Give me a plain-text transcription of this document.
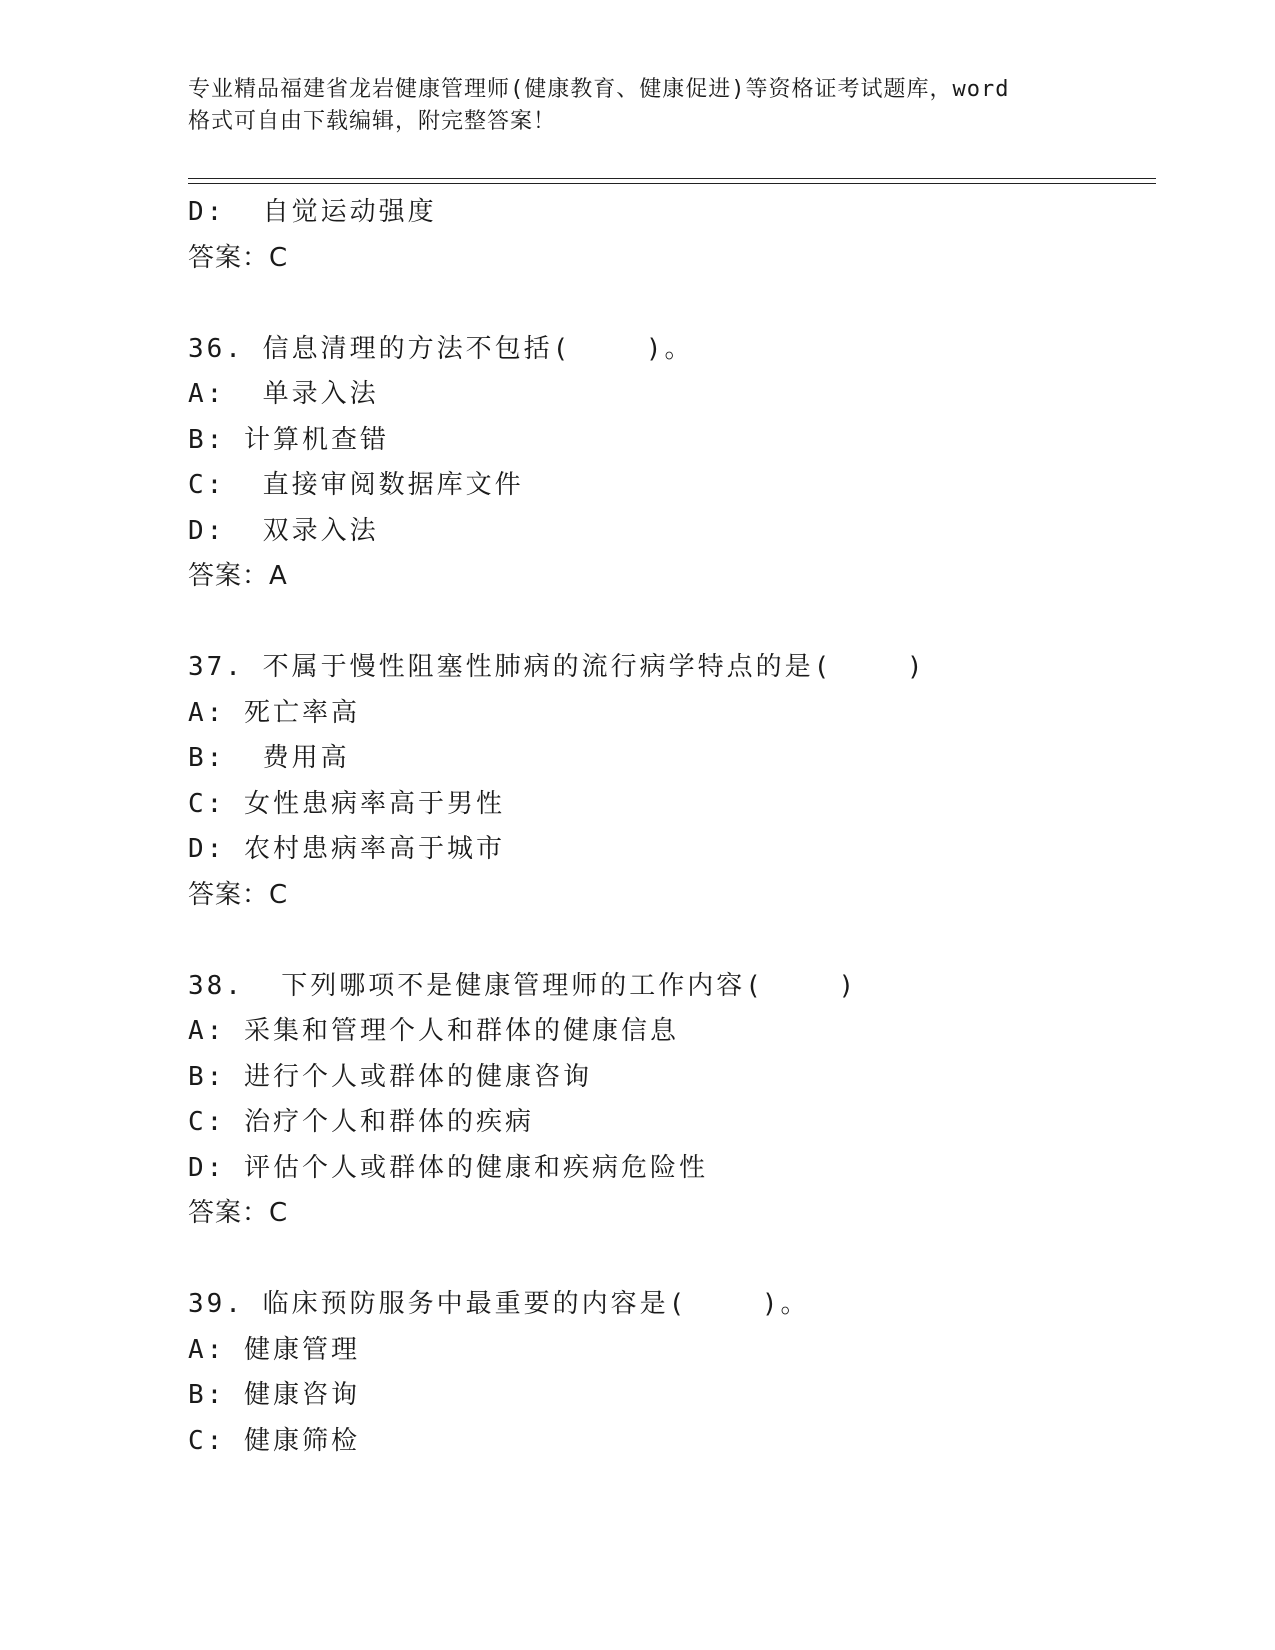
专业精品福建省龙岩健康管理师(健康教育、健康促进)等资格证考试题库，word
格式可自由下载编辑，附完整答案！
D:  自觉运动强度
答案：C
36. 信息清理的方法不包括(    )。
A:  单录入法
B: 计算机查错
C:  直接审阅数据库文件
D:  双录入法
答案：A
37. 不属于慢性阻塞性肺病的流行病学特点的是(    )
A: 死亡率高
B:  费用高
C: 女性患病率高于男性
D: 农村患病率高于城市
答案：C
38.  下列哪项不是健康管理师的工作内容(    )
A: 采集和管理个人和群体的健康信息
B: 进行个人或群体的健康咨询
C: 治疗个人和群体的疾病
D: 评估个人或群体的健康和疾病危险性
答案：C
39. 临床预防服务中最重要的内容是(    )。
A: 健康管理
B: 健康咨询
C: 健康筛检
